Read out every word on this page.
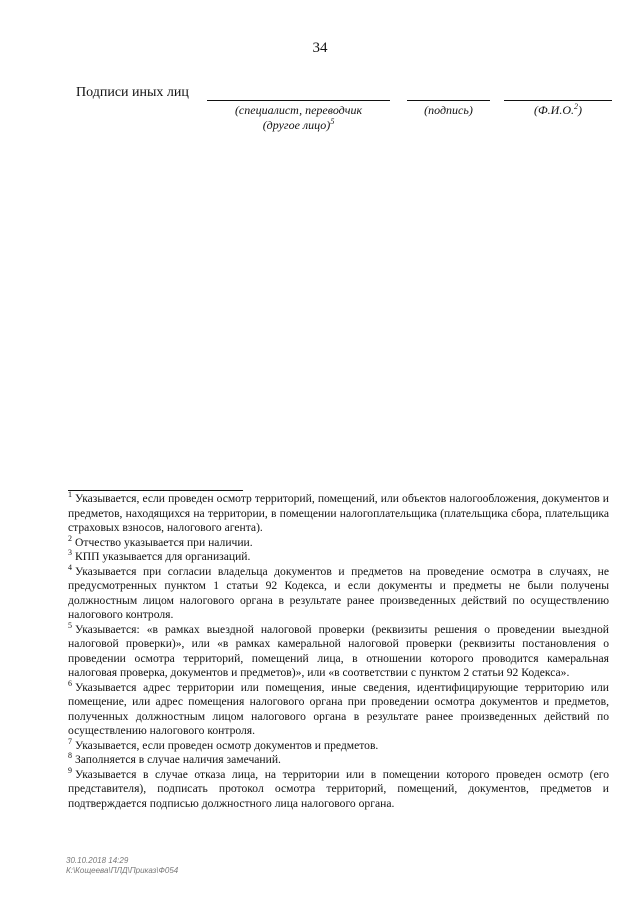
34
Подписи иных лиц
(специалист, переводчик
(другое лицо)$^5$
(подпись)	(Ф.И.О.$^2$)

$^1$ Указывается, если проведен осмотр территорий, помещений, или объектов налогообложения, документов и предметов, находящихся на территории, в помещении налогоплательщика (плательщика сбора, плательщика страховых взносов, налогового агента).

$^2$ Отчество указывается при наличии.

$^3$ КПП указывается для организаций.

$^4$ Указывается при согласии владельца документов и предметов на проведение осмотра в случаях, не предусмотренных пунктом 1 статьи 92 Кодекса, и если документы и предметы не были получены должностным лицом налогового органа в результате ранее произведенных действий по осуществлению налогового контроля.

$^5$ Указывается: «в рамках выездной налоговой проверки (реквизиты решения о проведении выездной налоговой проверки)», или «в рамках камеральной налоговой проверки (реквизиты постановления о проведении осмотра территорий, помещений лица, в отношении которого проводится камеральная налоговая проверка, документов и предметов)», или «в соответствии с пунктом 2 статьи 92 Кодекса».

$^6$ Указывается адрес территории или помещения, иные сведения, идентифицирующие территорию или помещение, или адрес помещения налогового органа при проведении осмотра документов и предметов, полученных должностным лицом налогового органа в результате ранее произведенных действий по осуществлению налогового контроля.

$^7$ Указывается, если проведен осмотр документов и предметов.

$^8$ Заполняется в случае наличия замечаний.

$^9$ Указывается в случае отказа лица, на территории или в помещении которого проведен осмотр (его представителя), подписать протокол осмотра территорий, помещений, документов, предметов и подтверждается подписью должностного лица налогового органа.

30.10.2018 14:29
К:\Кощеева\ПЛД\Приказ\Ф054
